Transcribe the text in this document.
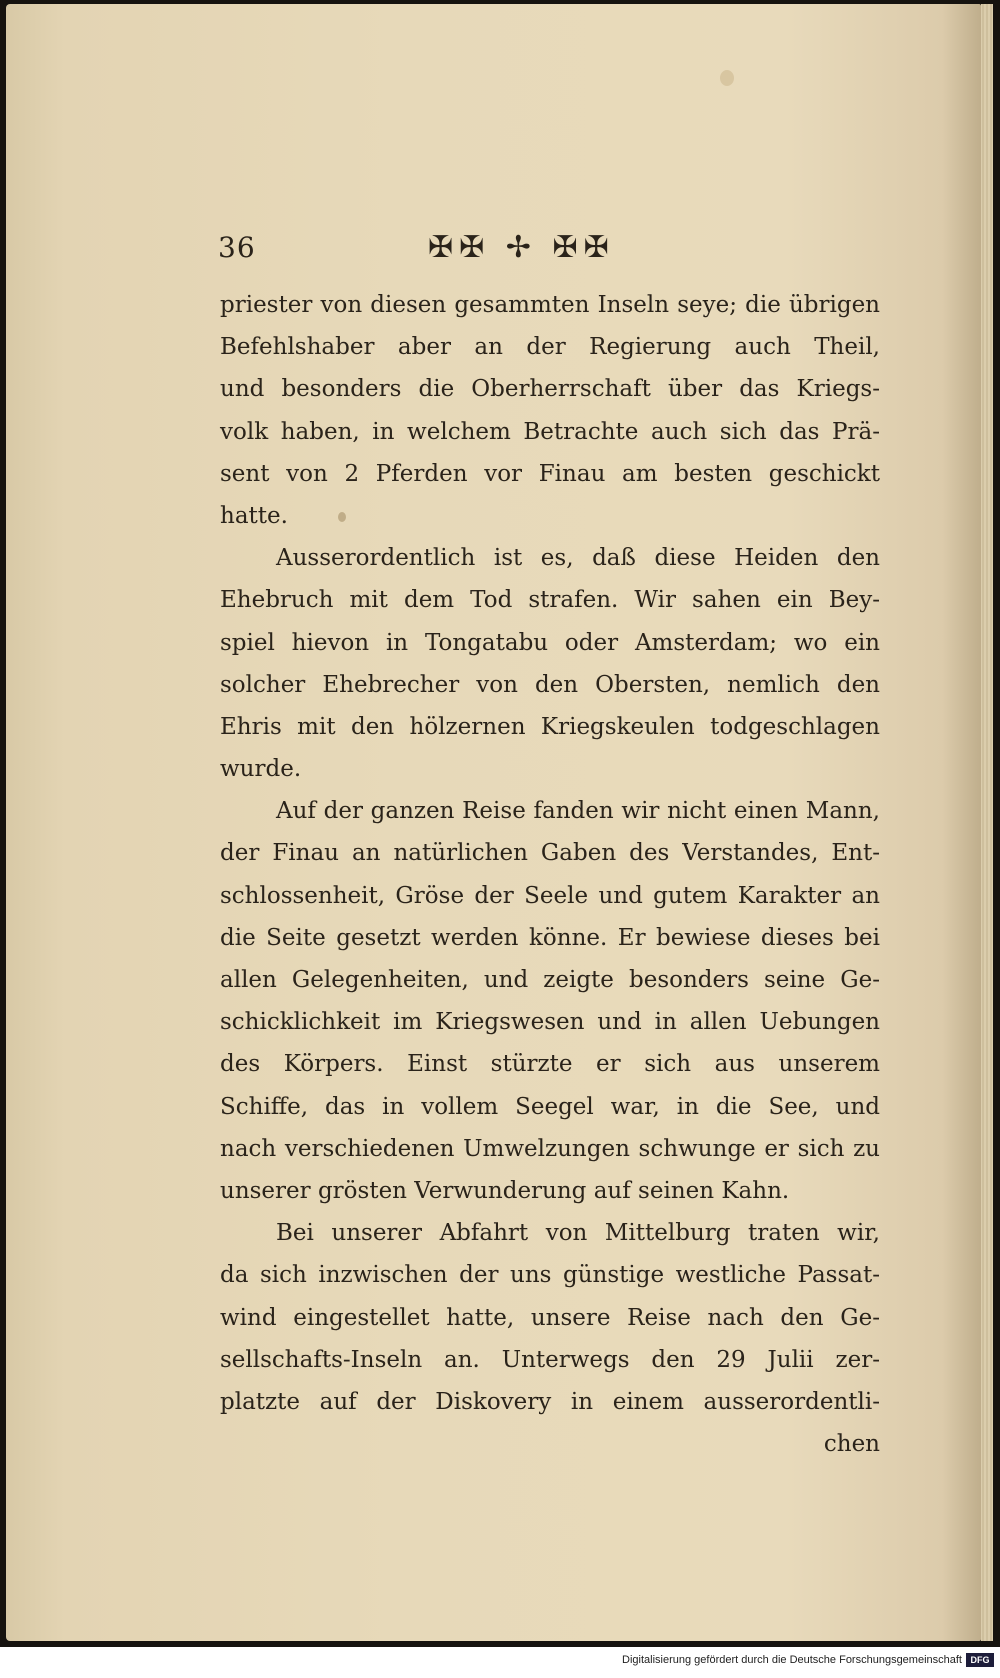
36	✠✠ ✢ ✠✠
priester von diesen gesammten Inseln seye; die übrigen
Befehlshaber aber an der Regierung auch Theil,
und besonders die Oberherrschaft über das Kriegs-
volk haben, in welchem Betrachte auch sich das Prä-
sent von 2 Pferden vor Finau am besten geschickt
hatte.
Ausserordentlich ist es, daß diese Heiden den
Ehebruch mit dem Tod strafen. Wir sahen ein Bey-
spiel hievon in Tongatabu oder Amsterdam; wo ein
solcher Ehebrecher von den Obersten, nemlich den
Ehris mit den hölzernen Kriegskeulen todgeschlagen
wurde.
Auf der ganzen Reise fanden wir nicht einen Mann,
der Finau an natürlichen Gaben des Verstandes, Ent-
schlossenheit, Gröse der Seele und gutem Karakter an
die Seite gesetzt werden könne. Er bewiese dieses bei
allen Gelegenheiten, und zeigte besonders seine Ge-
schicklichkeit im Kriegswesen und in allen Uebungen
des Körpers. Einst stürzte er sich aus unserem
Schiffe, das in vollem Seegel war, in die See, und
nach verschiedenen Umwelzungen schwunge er sich zu
unserer grösten Verwunderung auf seinen Kahn.
Bei unserer Abfahrt von Mittelburg traten wir,
da sich inzwischen der uns günstige westliche Passat-
wind eingestellet hatte, unsere Reise nach den Ge-
sellschafts-Inseln an. Unterwegs den 29 Julii zer-
platzte auf der Diskovery in einem ausserordentli-
chen
Digitalisierung gefördert durch die Deutsche Forschungsgemeinschaft DFG
